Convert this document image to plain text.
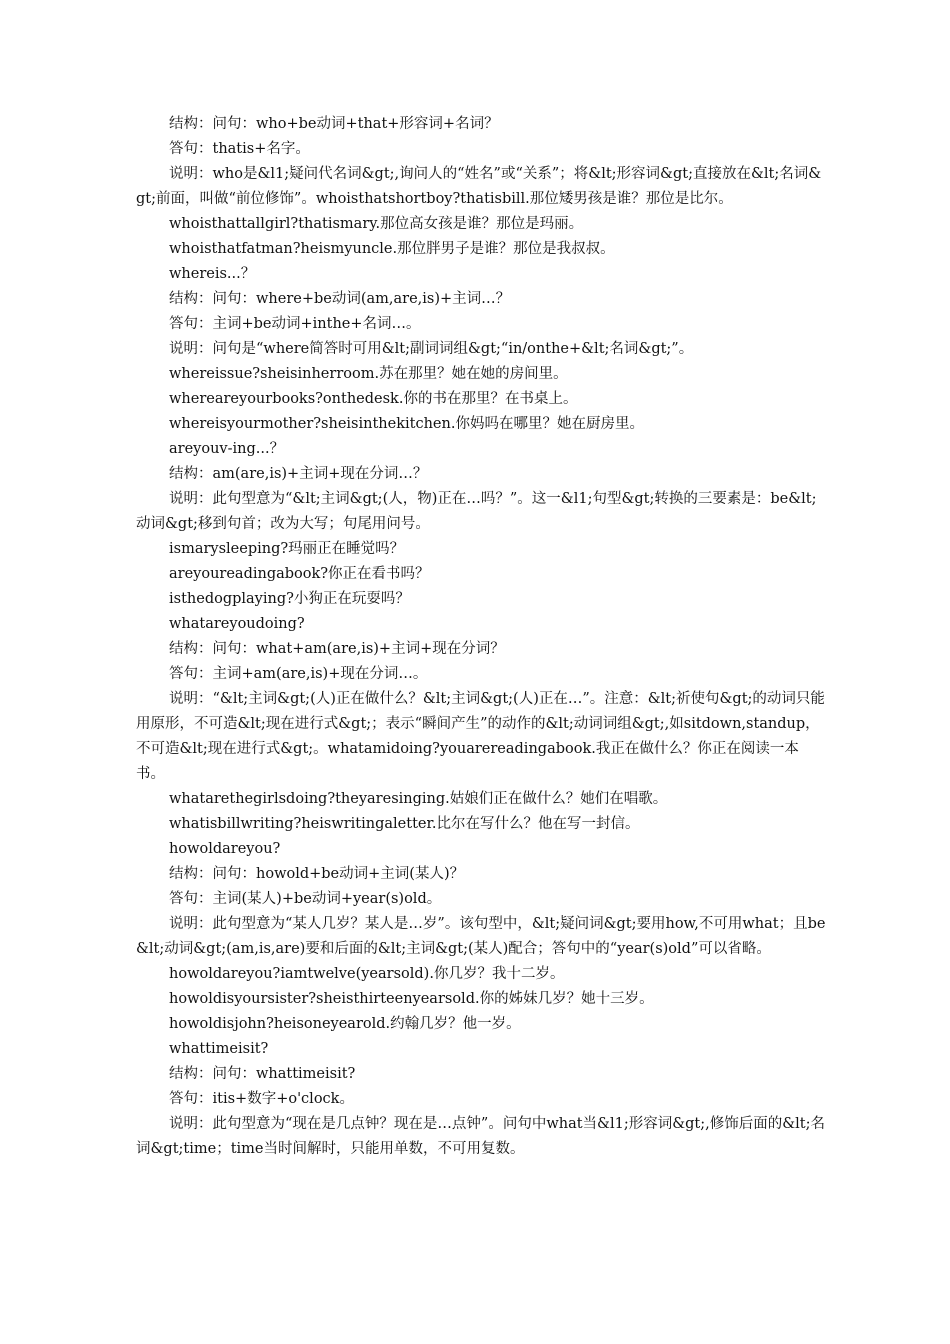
结构：问句：who+be动词+that+形容词+名词？

答句：thatis+名字。

说明：who是&l1;疑问代名词&gt;,询问人的“姓名”或“关系”；将&lt;形容词&gt;直接放在&lt;名词&gt;前面，叫做“前位修饰”。whoisthatshortboy?thatisbill.那位矮男孩是谁？那位是比尔。

whoisthattallgirl?thatismary.那位高女孩是谁？那位是玛丽。

whoisthatfatman?heismyuncle.那位胖男子是谁？那位是我叔叔。

whereis...？

结构：问句：where+be动词(am,are,is)+主词…？

答句：主词+be动词+inthe+名词…。

说明：问句是“where简答时可用&lt;副词词组&gt;“in/onthe+&lt;名词&gt;”。

whereissue?sheisinherroom.苏在那里？她在她的房间里。

whereareyourbooks?onthedesk.你的书在那里？在书桌上。

whereisyourmother?sheisinthekitchen.你妈吗在哪里？她在厨房里。

areyouv-ing...？

结构：am(are,is)+主词+现在分词…？

说明：此句型意为“&lt;主词&gt;(人，物)正在…吗？”。这一&l1;句型&gt;转换的三要素是：be&lt;动词&gt;移到句首；改为大写；句尾用问号。

ismarysleeping?玛丽正在睡觉吗？

areyoureadingabook?你正在看书吗？

isthedogplaying?小狗正在玩耍吗？

whatareyoudoing?

结构：问句：what+am(are,is)+主词+现在分词？

答句：主词+am(are,is)+现在分词…。

说明：“&lt;主词&gt;(人)正在做什么？&lt;主词&gt;(人)正在…”。注意：&lt;祈使句&gt;的动词只能用原形，不可造&lt;现在进行式&gt;；表示“瞬间产生”的动作的&lt;动词词组&gt;,如sitdown,standup，不可造&lt;现在进行式&gt;。whatamidoing?youarereadingabook.我正在做什么？你正在阅读一本书。

whatarethegirlsdoing?theyaresinging.姑娘们正在做什么？她们在唱歌。

whatisbillwriting?heiswritingaletter.比尔在写什么？他在写一封信。

howoldareyou?

结构：问句：howold+be动词+主词(某人)？

答句：主词(某人)+be动词+year(s)old。

说明：此句型意为“某人几岁？某人是…岁”。该句型中，&lt;疑问词&gt;要用how,不可用what；且be&lt;动词&gt;(am,is,are)要和后面的&lt;主词&gt;(某人)配合；答句中的“year(s)old”可以省略。

howoldareyou?iamtwelve(yearsold).你几岁？我十二岁。

howoldisyoursister?sheisthirteenyearsold.你的姊妹几岁？她十三岁。

howoldisjohn?heisoneyearold.约翰几岁？他一岁。

whattimeisit?

结构：问句：whattimeisit?

答句：itis+数字+o'clock。

说明：此句型意为“现在是几点钟？现在是…点钟”。问句中what当&l1;形容词&gt;,修饰后面的&lt;名词&gt;time；time当时间解时，只能用单数，不可用复数。
